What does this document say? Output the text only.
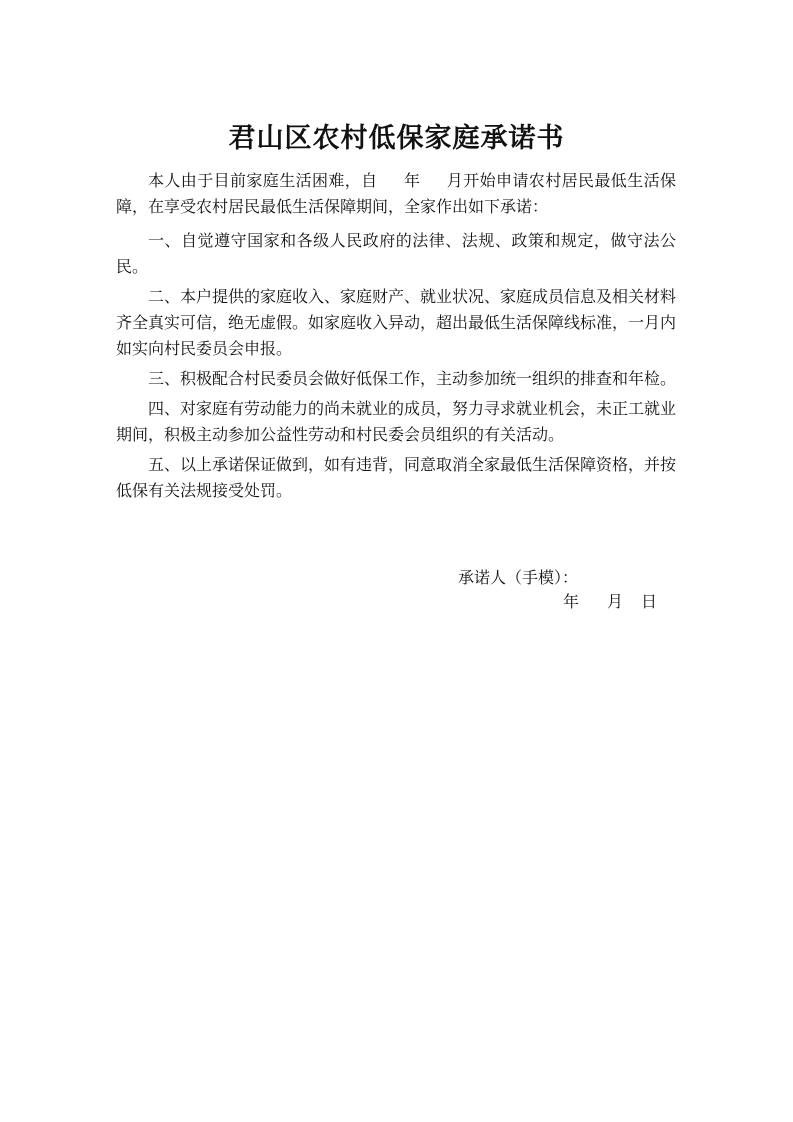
君山区农村低保家庭承诺书

本人由于目前家庭生活困难，自 年 月开始申请农村居民最低生活保障，在享受农村居民最低生活保障期间，全家作出如下承诺：

一、自觉遵守国家和各级人民政府的法律、法规、政策和规定，做守法公民。

二、本户提供的家庭收入、家庭财产、就业状况、家庭成员信息及相关材料齐全真实可信，绝无虚假。如家庭收入异动，超出最低生活保障线标准，一月内如实向村民委员会申报。

三、积极配合村民委员会做好低保工作，主动参加统一组织的排查和年检。

四、对家庭有劳动能力的尚未就业的成员，努力寻求就业机会，未正工就业期间，积极主动参加公益性劳动和村民委会员组织的有关活动。

五、以上承诺保证做到，如有违背，同意取消全家最低生活保障资格，并按低保有关法规接受处罚。

承诺人（手模）：
年 月 日
